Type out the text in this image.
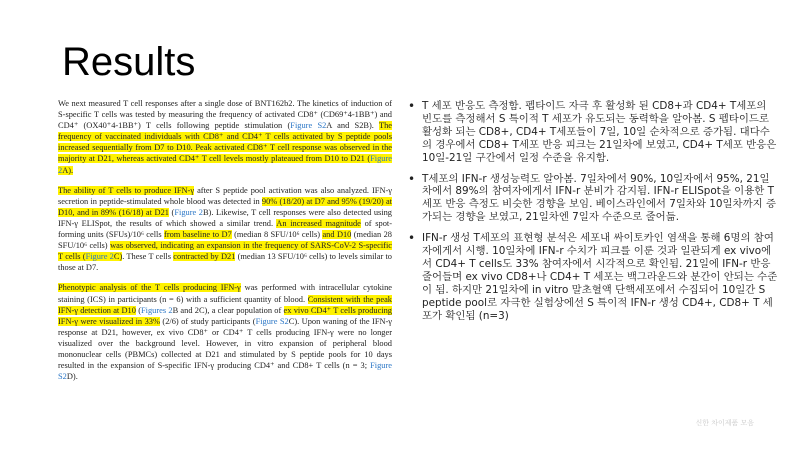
Results

We next measured T cell responses after a single dose of BNT162b2. The kinetics of induction of S-specific T cells was tested by measuring the frequency of activated CD8⁺ (CD69⁺4-1BB⁺) and CD4⁺ (OX40⁺4-1BB⁺) T cells following peptide stimulation (Figure S2A and S2B). The frequency of vaccinated individuals with CD8⁺ and CD4⁺ T cells activated by S peptide pools increased sequentially from D7 to D10. Peak activated CD8⁺ T cell response was observed in the majority at D21, whereas activated CD4⁺ T cell levels mostly plateaued from D10 to D21 (Figure 2A).

The ability of T cells to produce IFN-γ after S peptide pool activation was also analyzed. IFN-γ secretion in peptide-stimulated whole blood was detected in 90% (18/20) at D7 and 95% (19/20) at D10, and in 89% (16/18) at D21 (Figure 2B). Likewise, T cell responses were also detected using IFN-γ ELISpot, the results of which showed a similar trend. An increased magnitude of spot-forming units (SFUs)/10⁶ cells from baseline to D7 (median 8 SFU/10⁶ cells) and D10 (median 28 SFU/10⁶ cells) was observed, indicating an expansion in the frequency of SARS-CoV-2 S-specific T cells (Figure 2C). These T cells contracted by D21 (median 13 SFU/10⁶ cells) to levels similar to those at D7.

Phenotypic analysis of the T cells producing IFN-γ was performed with intracellular cytokine staining (ICS) in participants (n = 6) with a sufficient quantity of blood. Consistent with the peak IFN-γ detection at D10 (Figures 2B and 2C), a clear population of ex vivo CD4⁺ T cells producing IFN-γ were visualized in 33% (2/6) of study participants (Figure S2C). Upon waning of the IFN-γ response at D21, however, ex vivo CD8⁺ or CD4⁺ T cells producing IFN-γ were no longer visualized over the background level. However, in vitro expansion of peripheral blood mononuclear cells (PBMCs) collected at D21 and stimulated by S peptide pools for 10 days resulted in the expansion of S-specific IFN-γ producing CD4⁺ and CD8+ T cells (n = 3; Figure S2D).

• T 세포 반응도 측정함. 펩타이드 자극 후 활성화 된 CD8+과 CD4+ T세포의 빈도를 측정해서 S 특이적 T 세포가 유도되는 동력학을 알아봄. S 펩타이드로 활성화 되는 CD8+, CD4+ T세포들이 7일, 10일 순차적으로 증가됨. 대다수의 경우에서 CD8+ T세포 반응 피크는 21일차에 보였고, CD4+ T세포 반응은 10일-21일 구간에서 일정 수준을 유지함.
• T세포의 IFN-r 생성능력도 알아봄. 7일차에서 90%, 10일자에서 95%, 21일차에서 89%의 참여자에게서 IFN-r 분비가 감지됨. IFN-r ELISpot을 이용한 T 세포 반응 측정도 비슷한 경향을 보임. 베이스라인에서 7일차와 10일차까지 증가되는 경향을 보였고, 21일차엔 7일자 수준으로 줄어듦.
• IFN-r 생성 T세포의 표현형 분석은 세포내 싸이토카인 염색을 통해 6명의 참여자에게서 시행. 10일차에 IFN-r 수치가 피크를 이룬 것과 일관되게 ex vivo에서 CD4+ T cells도 33% 참여자에서 시각적으로 확인됨. 21일에 IFN-r 반응 줄어들며 ex vivo CD8+나 CD4+ T 세포는 백그라운드와 분간이 안되는 수준이 됨. 하지만 21일차에 in vitro 말초혈액 단핵세포에서 수집되어 10일간 S peptide pool로 자극한 실험상에선 S 특이적 IFN-r 생성 CD4+, CD8+ T 세포가 확인됨 (n=3)
신한 차이제품 모음
